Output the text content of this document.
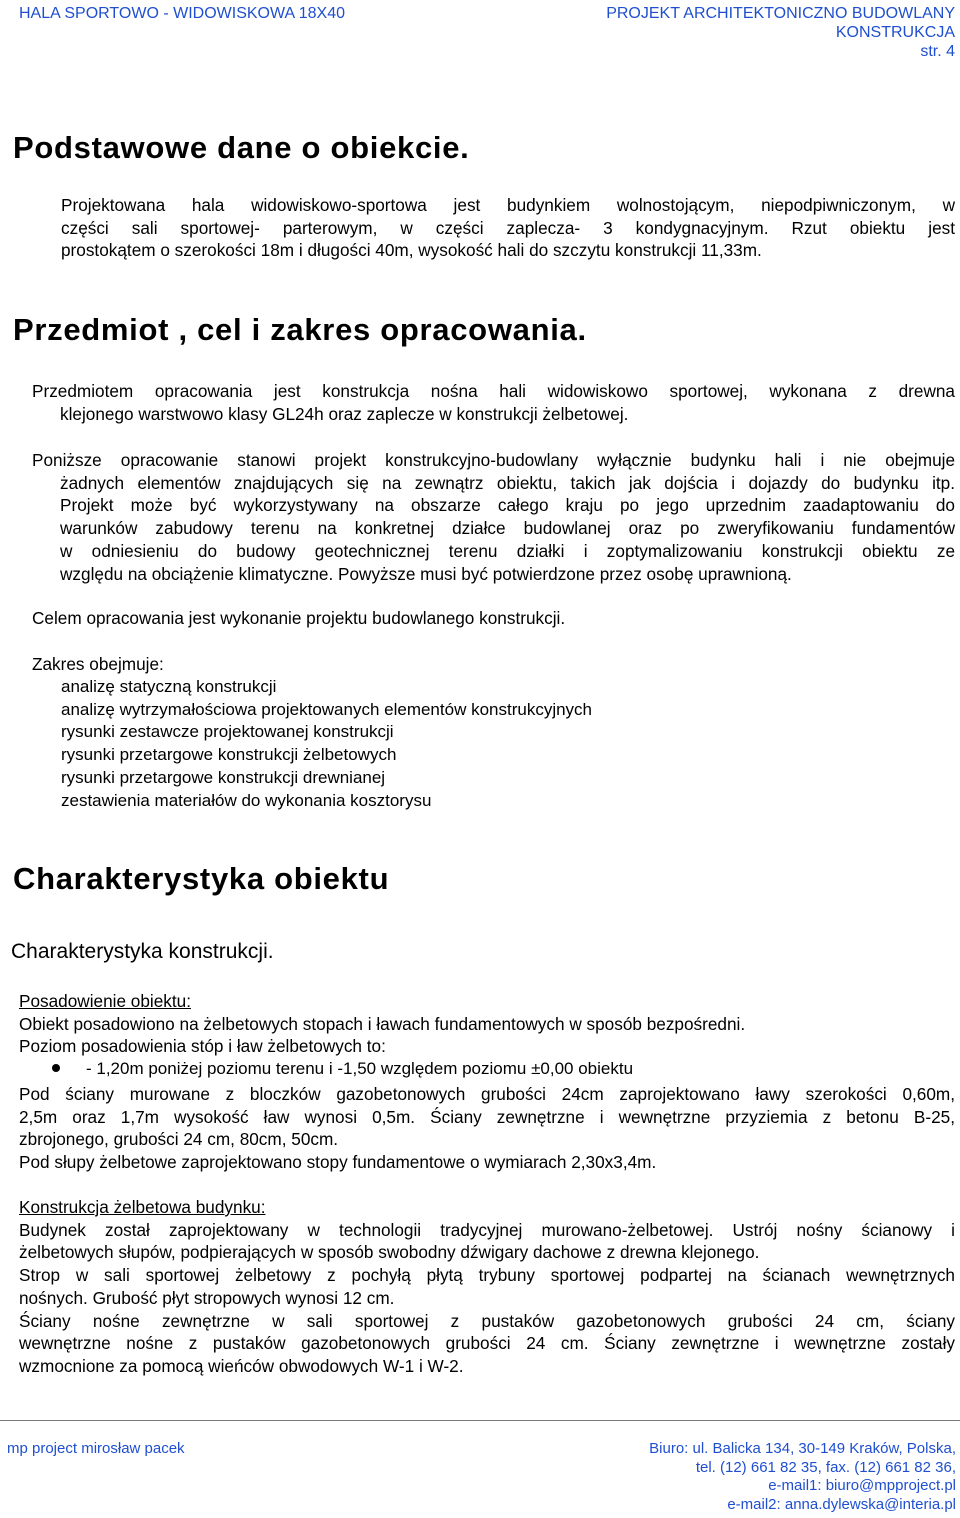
HALA SPORTOWO - WIDOWISKOWA 18X40	PROJEKT ARCHITEKTONICZNO BUDOWLANY
KONSTRUKCJA
str. 4
Podstawowe dane o obiekcie.
Projektowana hala widowiskowo-sportowa jest budynkiem wolnostojącym, niepodpiwniczonym, w
części sali sportowej- parterowym, w części zaplecza- 3 kondygnacyjnym. Rzut obiektu jest
prostokątem o szerokości 18m i długości 40m, wysokość hali do szczytu konstrukcji 11,33m.
Przedmiot , cel i zakres opracowania.
Przedmiotem opracowania jest konstrukcja nośna hali widowiskowo sportowej, wykonana z drewna
klejonego warstwowo klasy GL24h oraz zaplecze w konstrukcji żelbetowej.
Poniższe opracowanie stanowi projekt konstrukcyjno-budowlany wyłącznie budynku hali i nie obejmuje
żadnych elementów znajdujących się na zewnątrz obiektu, takich jak dojścia i dojazdy do budynku itp.
Projekt może być wykorzystywany na obszarze całego kraju po jego uprzednim zaadaptowaniu do
warunków zabudowy terenu na konkretnej działce budowlanej oraz po zweryfikowaniu fundamentów
w odniesieniu do budowy geotechnicznej terenu działki i zoptymalizowaniu konstrukcji obiektu ze
względu na obciążenie klimatyczne. Powyższe musi być potwierdzone przez osobę uprawnioną.
Celem opracowania jest wykonanie projektu budowlanego konstrukcji.
Zakres obejmuje:
analizę statyczną konstrukcji
analizę wytrzymałościowa projektowanych elementów konstrukcyjnych
rysunki zestawcze projektowanej konstrukcji
rysunki przetargowe konstrukcji żelbetowych
rysunki przetargowe konstrukcji drewnianej
zestawienia materiałów do wykonania kosztorysu
Charakterystyka obiektu
Charakterystyka konstrukcji.
Posadowienie obiektu:
Obiekt posadowiono na żelbetowych stopach i ławach fundamentowych w sposób bezpośredni.
Poziom posadowienia stóp i ław żelbetowych to:
- 1,20m poniżej poziomu terenu i -1,50 względem poziomu ±0,00 obiektu
Pod ściany murowane z bloczków gazobetonowych grubości 24cm zaprojektowano ławy szerokości 0,60m,
2,5m oraz 1,7m wysokość ław wynosi 0,5m. Ściany zewnętrzne i wewnętrzne przyziemia z betonu B-25,
zbrojonego, grubości 24 cm, 80cm, 50cm.
Pod słupy żelbetowe zaprojektowano stopy fundamentowe o wymiarach 2,30x3,4m.
Konstrukcja żelbetowa budynku:
Budynek został zaprojektowany w technologii tradycyjnej murowano-żelbetowej. Ustrój nośny ścianowy i
żelbetowych słupów, podpierających w sposób swobodny dźwigary dachowe z drewna klejonego.
Strop w sali sportowej żelbetowy z pochyłą płytą trybuny sportowej podpartej na ścianach wewnętrznych
nośnych. Grubość płyt stropowych wynosi 12 cm.
Ściany nośne zewnętrzne w sali sportowej z pustaków gazobetonowych grubości 24 cm, ściany
wewnętrzne nośne z pustaków gazobetonowych grubości 24 cm. Ściany zewnętrzne i wewnętrzne zostały
wzmocnione za pomocą wieńców obwodowych W-1 i W-2.
mp project mirosław pacek	Biuro: ul. Balicka 134, 30-149 Kraków, Polska,
tel. (12) 661 82 35, fax. (12) 661 82 36,
e-mail1: biuro@mpproject.pl
e-mail2: anna.dylewska@interia.pl
